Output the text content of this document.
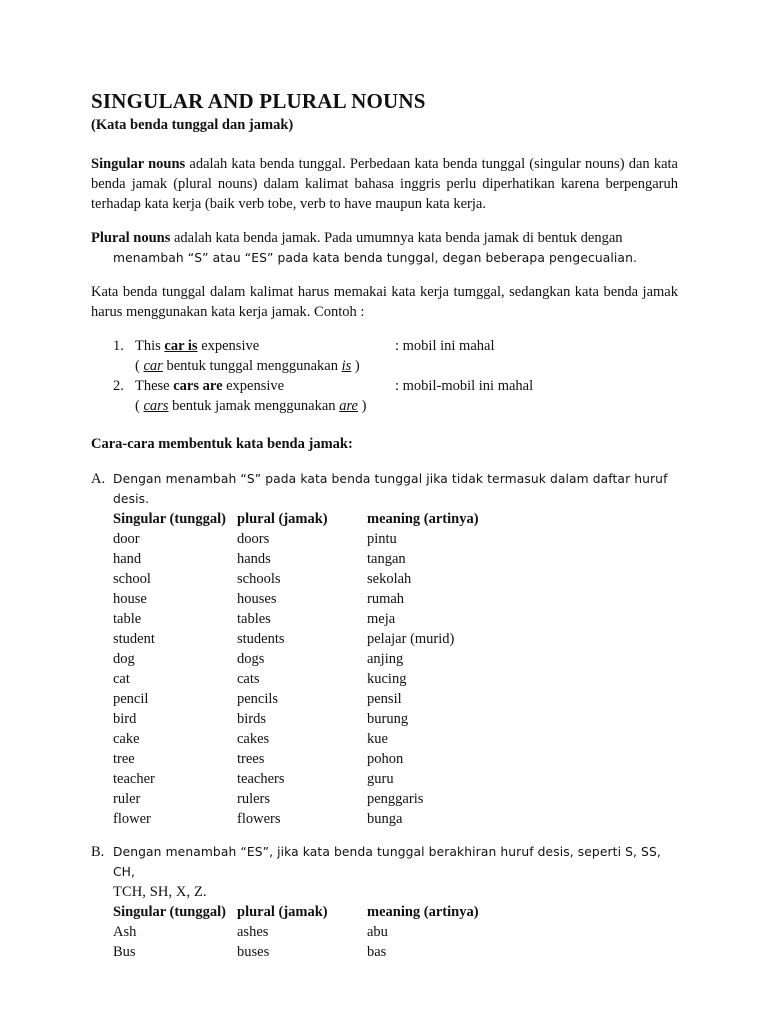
SINGULAR AND PLURAL NOUNS

(Kata benda tunggal dan jamak)

Singular nouns adalah kata benda tunggal. Perbedaan kata benda tunggal (singular nouns) dan kata benda jamak (plural nouns) dalam kalimat bahasa inggris perlu diperhatikan karena berpengaruh terhadap kata kerja (baik verb tobe, verb to have maupun kata kerja.

Plural nouns adalah kata benda jamak. Pada umumnya kata benda jamak di bentuk dengan
menambah “S” atau “ES” pada kata benda tunggal, degan beberapa pengecualian.

Kata benda tunggal dalam kalimat harus memakai kata kerja tumggal, sedangkan kata benda jamak harus menggunakan kata kerja jamak. Contoh :

1. This car is expensive	: mobil ini mahal
( car bentuk tunggal menggunakan is )
2. These cars are expensive	: mobil-mobil ini mahal
( cars bentuk jamak menggunakan are )

Cara-cara membentuk kata benda jamak:

A. Dengan menambah “S” pada kata benda tunggal jika tidak termasuk dalam daftar huruf desis.
Singular (tunggal) plural (jamak)	meaning (artinya)
door	doors	pintu
hand	hands	tangan
school	schools	sekolah
house	houses	rumah
table	tables	meja
student	students	pelajar (murid)
dog	dogs	anjing
cat	cats	kucing
pencil	pencils	pensil
bird	birds	burung
cake	cakes	kue
tree	trees	pohon
teacher	teachers	guru
ruler	rulers	penggaris
flower	flowers	bunga
B. Dengan menambah “ES”, jika kata benda tunggal berakhiran huruf desis, seperti S, SS, CH,
TCH, SH, X, Z.
Singular (tunggal) plural (jamak)	meaning (artinya)
Ash	ashes	abu
Bus	buses	bas
